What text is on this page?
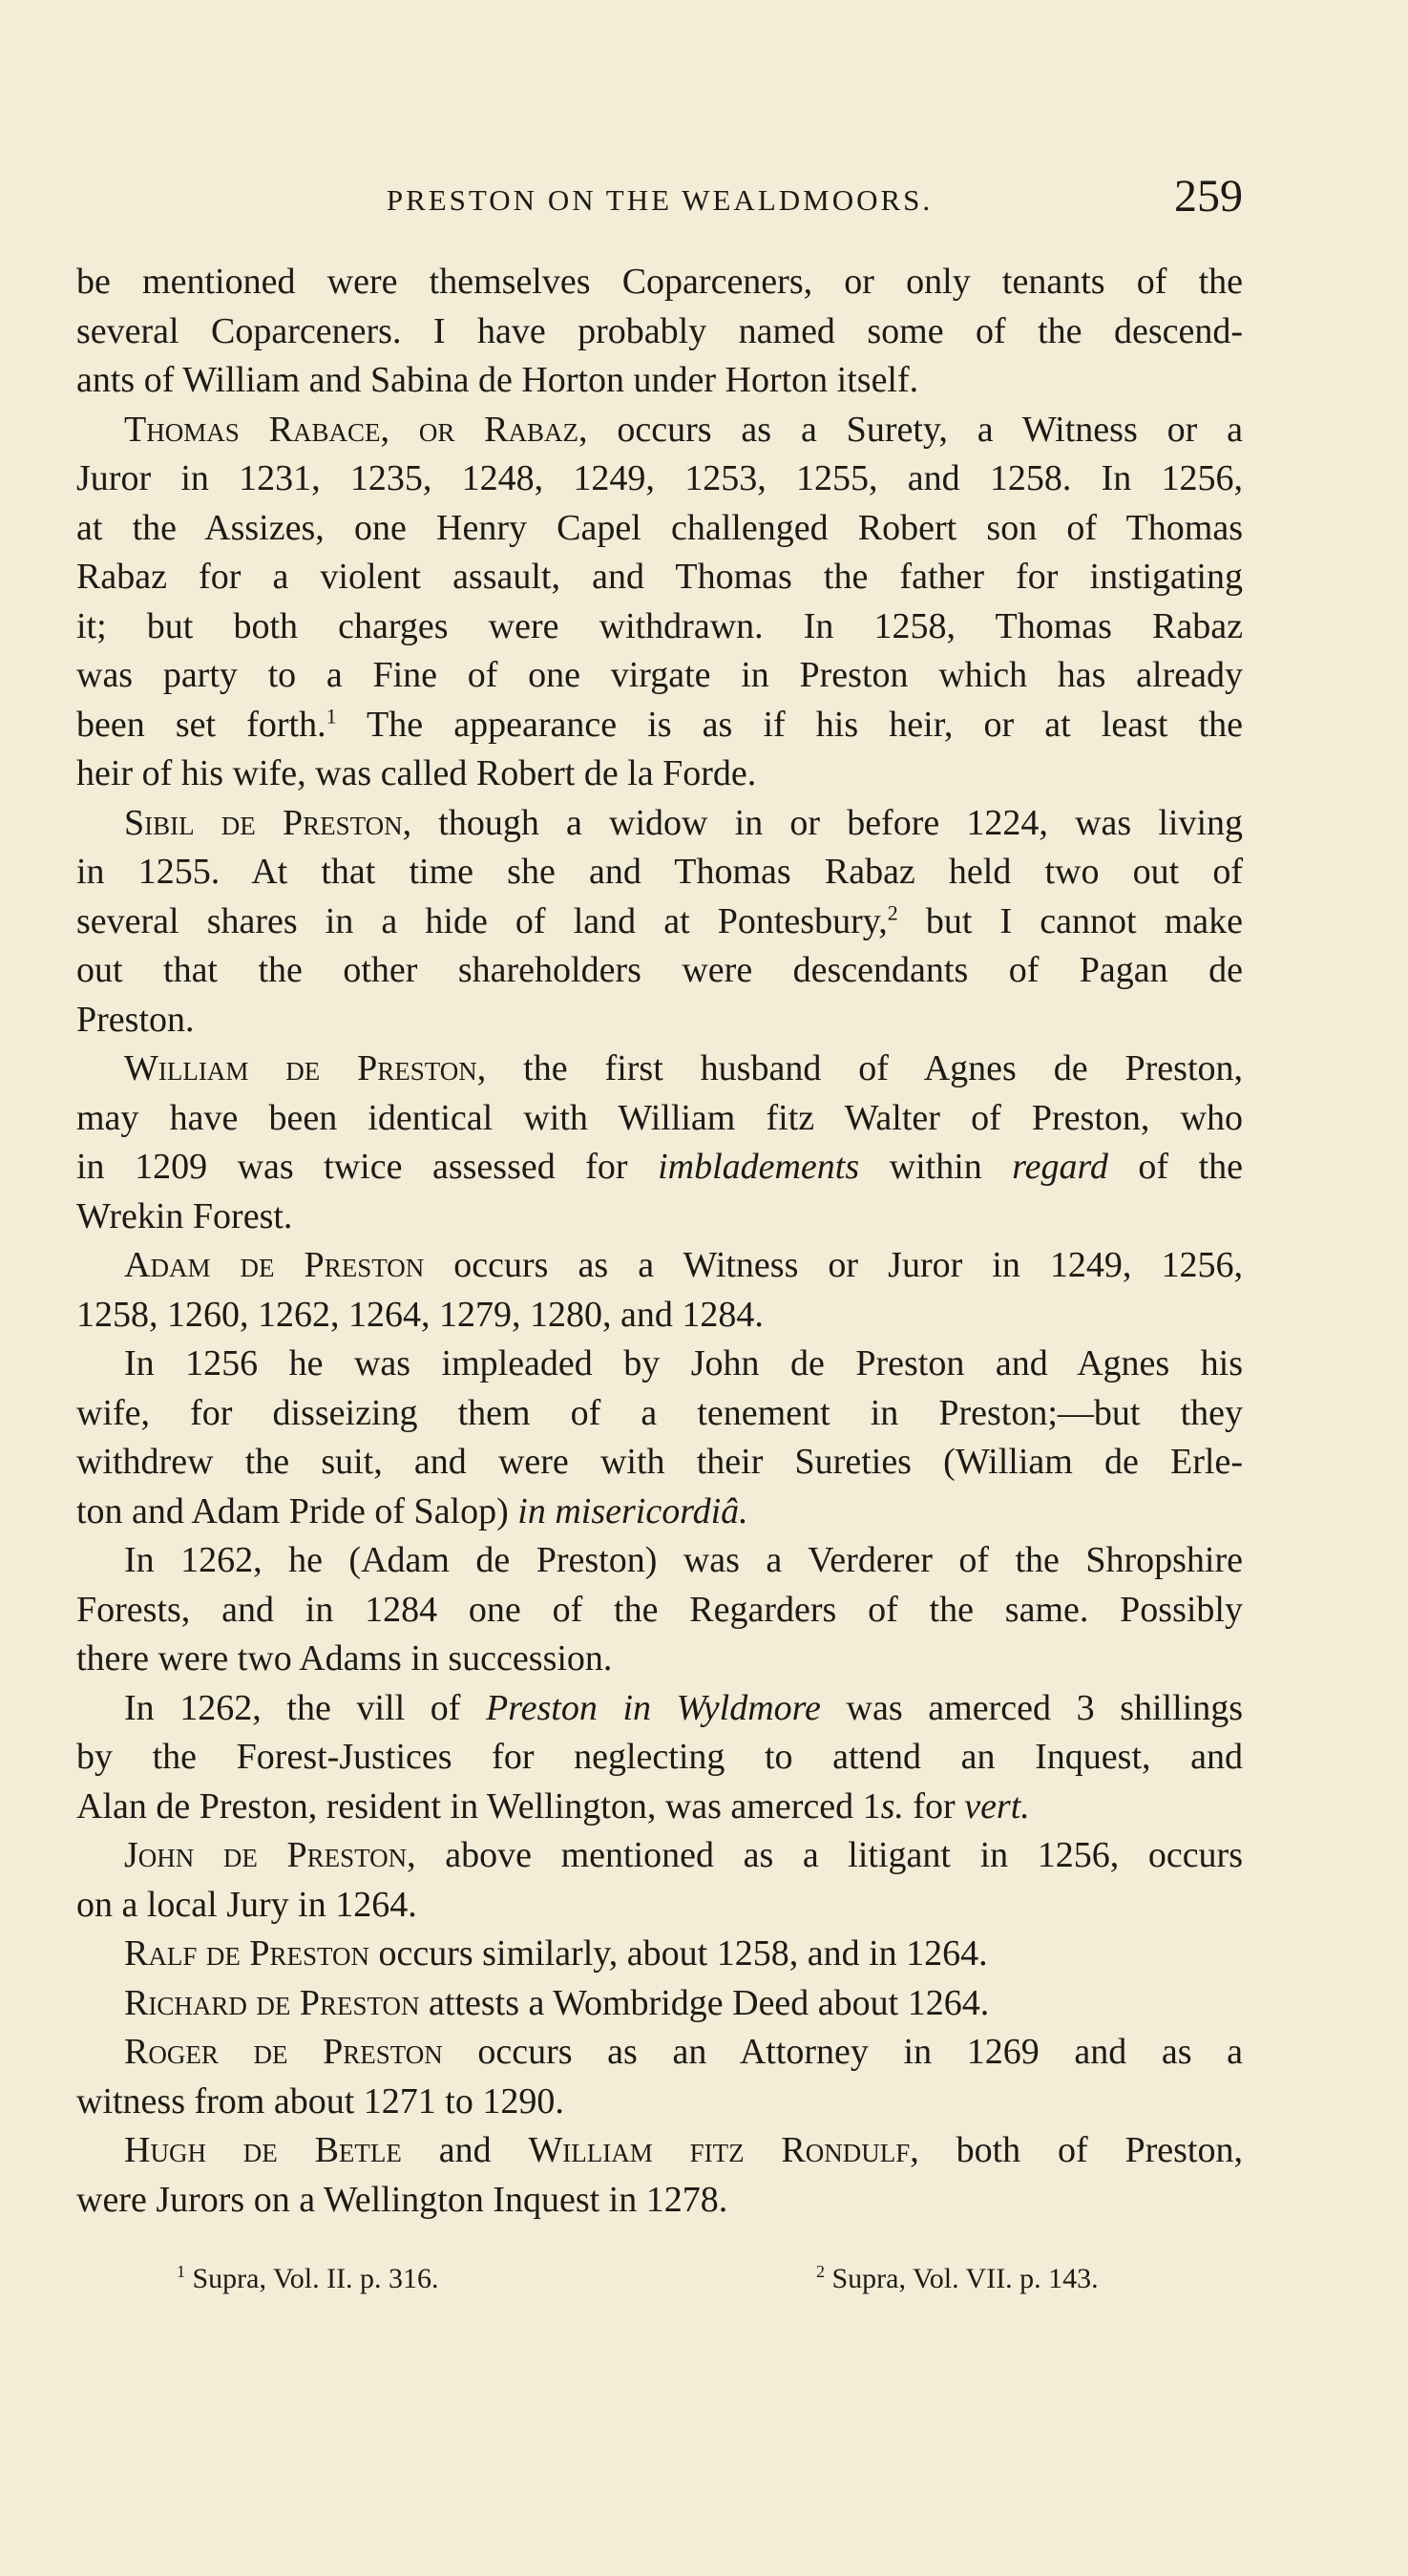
PRESTON ON THE WEALDMOORS.	259
be mentioned were themselves Coparceners, or only tenants of the
several Coparceners. I have probably named some of the descend-
ants of William and Sabina de Horton under Horton itself.
Thomas Rabace, or Rabaz, occurs as a Surety, a Witness or a
Juror in 1231, 1235, 1248, 1249, 1253, 1255, and 1258. In 1256,
at the Assizes, one Henry Capel challenged Robert son of Thomas
Rabaz for a violent assault, and Thomas the father for instigating
it; but both charges were withdrawn. In 1258, Thomas Rabaz
was party to a Fine of one virgate in Preston which has already
been set forth.$^1$ The appearance is as if his heir, or at least the
heir of his wife, was called Robert de la Forde.
Sibil de Preston, though a widow in or before 1224, was living
in 1255. At that time she and Thomas Rabaz held two out of
several shares in a hide of land at Pontesbury,$^2$ but I cannot make
out that the other shareholders were descendants of Pagan de
Preston.
William de Preston, the first husband of Agnes de Preston,
may have been identical with William fitz Walter of Preston, who
in 1209 was twice assessed for imbladements within regard of the
Wrekin Forest.
Adam de Preston occurs as a Witness or Juror in 1249, 1256,
1258, 1260, 1262, 1264, 1279, 1280, and 1284.
In 1256 he was impleaded by John de Preston and Agnes his
wife, for disseizing them of a tenement in Preston;—but they
withdrew the suit, and were with their Sureties (William de Erle-
ton and Adam Pride of Salop) in misericordiâ.
In 1262, he (Adam de Preston) was a Verderer of the Shropshire
Forests, and in 1284 one of the Regarders of the same. Possibly
there were two Adams in succession.
In 1262, the vill of Preston in Wyldmore was amerced 3 shillings
by the Forest-Justices for neglecting to attend an Inquest, and
Alan de Preston, resident in Wellington, was amerced 1s. for vert.
John de Preston, above mentioned as a litigant in 1256, occurs
on a local Jury in 1264.
Ralf de Preston occurs similarly, about 1258, and in 1264.
Richard de Preston attests a Wombridge Deed about 1264.
Roger de Preston occurs as an Attorney in 1269 and as a
witness from about 1271 to 1290.
Hugh de Betle and William fitz Rondulf, both of Preston,
were Jurors on a Wellington Inquest in 1278.
$^1$ Supra, Vol. II. p. 316.	$^2$ Supra, Vol. VII. p. 143.
